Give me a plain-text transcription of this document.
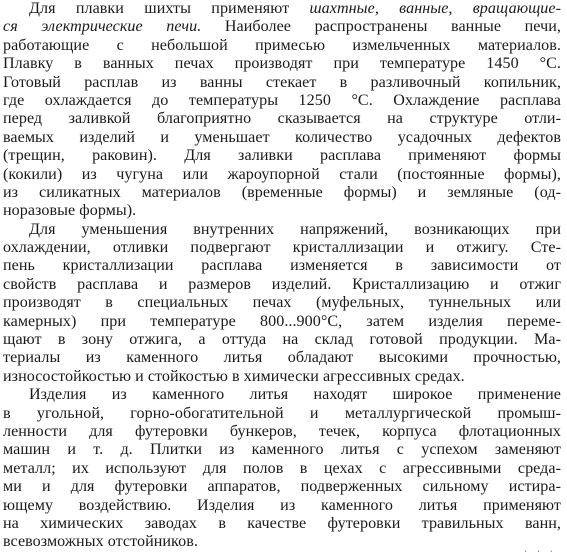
Для плавки шихты применяют шахтные, ванные, вращающие-
ся электрические печи. Наиболее распространены ванные печи,
работающие с небольшой примесью измельченных материалов.
Плавку в ванных печах производят при температуре 1450 °С.
Готовый расплав из ванны стекает в разливочный копильник,
где охлаждается до температуры 1250 °С. Охлаждение расплава
перед заливкой благоприятно сказывается на структуре отли-
ваемых изделий и уменьшает количество усадочных дефектов
(трещин, раковин). Для заливки расплава применяют формы
(кокили) из чугуна или жароупорной стали (постоянные формы),
из силикатных материалов (временные формы) и земляные (од-
норазовые формы).
Для уменьшения внутренних напряжений, возникающих при
охлаждении, отливки подвергают кристаллизации и отжигу. Сте-
пень кристаллизации расплава изменяется в зависимости от
свойств расплава и размеров изделий. Кристаллизацию и отжиг
производят в специальных печах (муфельных, туннельных или
камерных) при температуре 800...900°С, затем изделия переме-
щают в зону отжига, а оттуда на склад готовой продукции. Ма-
териалы из каменного литья обладают высокими прочностью,
износостойкостью и стойкостью в химически агрессивных средах.
Изделия из каменного литья находят широкое применение
в угольной, горно-обогатительной и металлургической промыш-
ленности для футеровки бункеров, течек, корпуса флотационных
машин и т. д. Плитки из каменного литья с успехом заменяют
металл; их используют для полов в цехах с агрессивными среда-
ми и для футеровки аппаратов, подверженных сильному истира-
ющему воздействию. Изделия из каменного литья применяют
на химических заводах в качестве футеровки травильных ванн,
всевозможных отстойников.
· · ·
